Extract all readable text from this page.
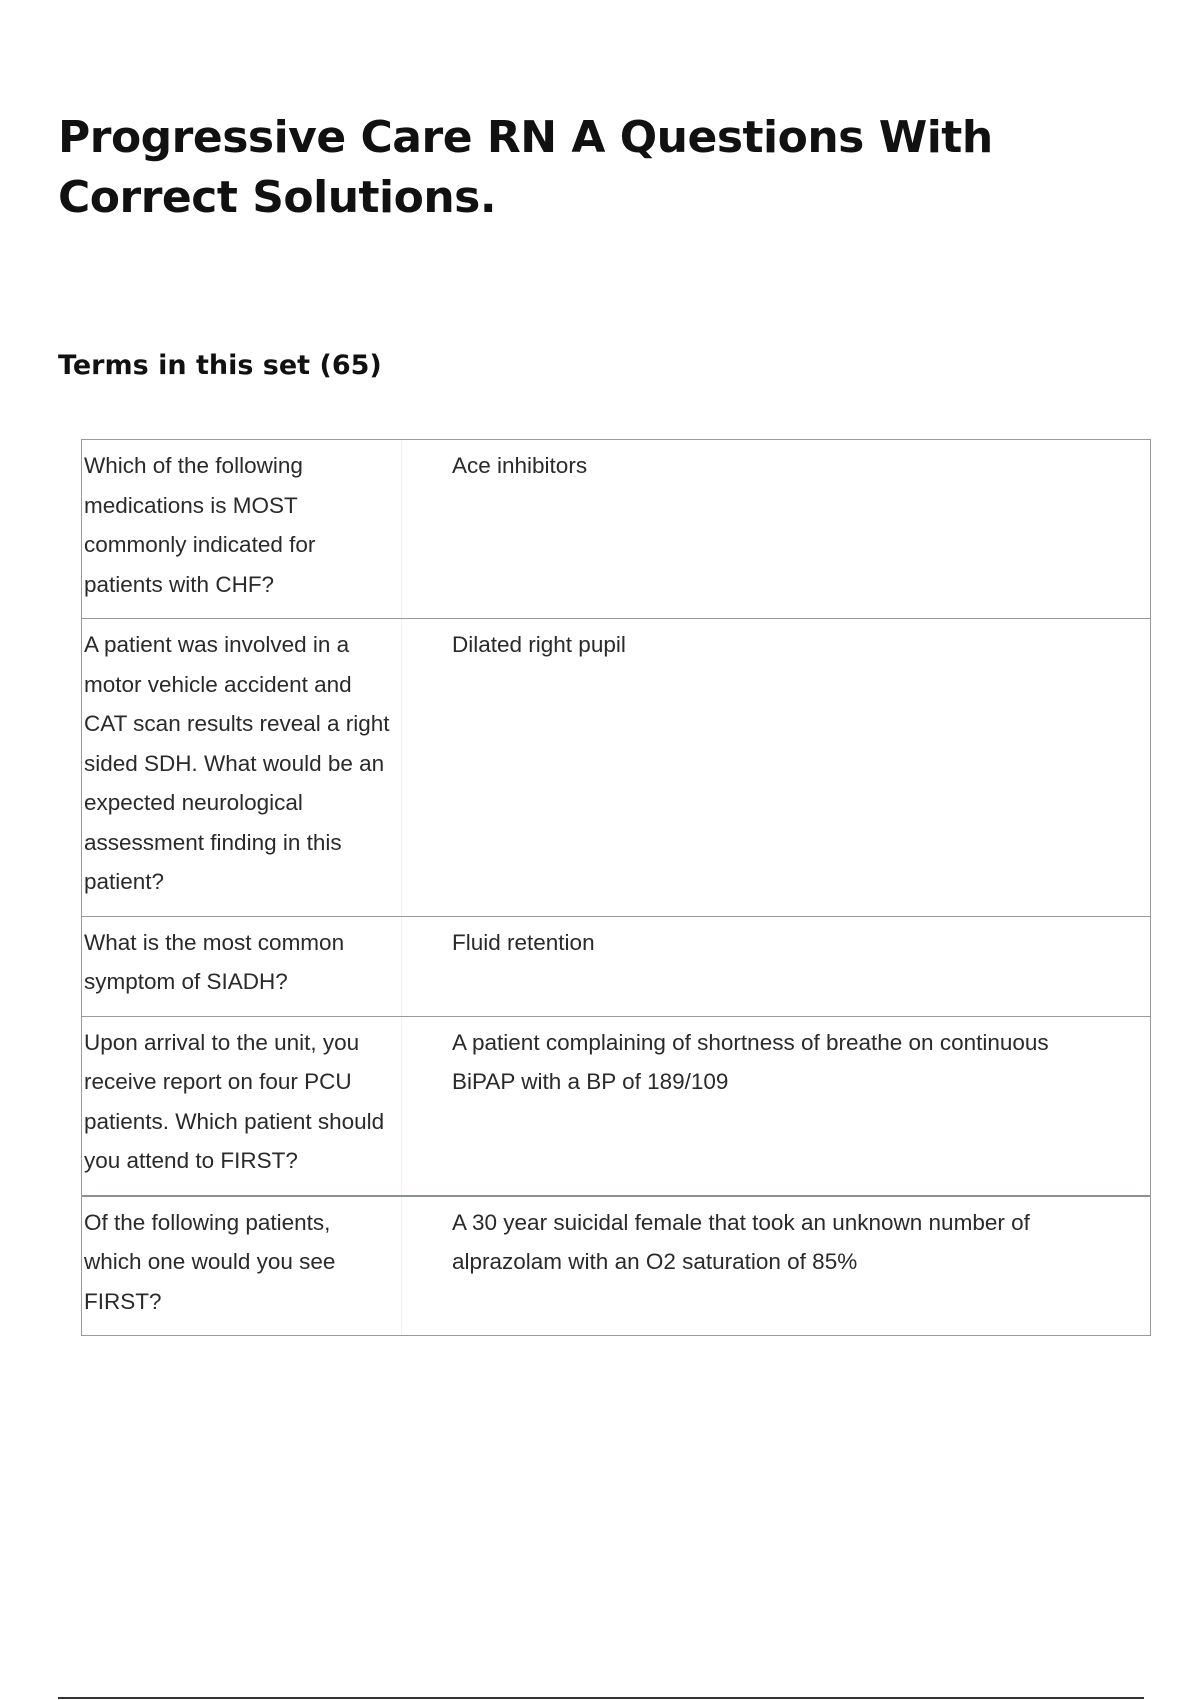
Progressive Care RN A Questions With Correct Solutions.
Terms in this set (65)
Which of the following medications is MOST commonly indicated for patients with CHF?
Ace inhibitors
A patient was involved in a motor vehicle accident and CAT scan results reveal a right sided SDH. What would be an expected neurological assessment finding in this patient?
Dilated right pupil
What is the most common symptom of SIADH?
Fluid retention
Upon arrival to the unit, you receive report on four PCU patients. Which patient should you attend to FIRST?
A patient complaining of shortness of breathe on continuous BiPAP with a BP of 189/109
Of the following patients, which one would you see FIRST?
A 30 year suicidal female that took an unknown number of alprazolam with an O2 saturation of 85%
